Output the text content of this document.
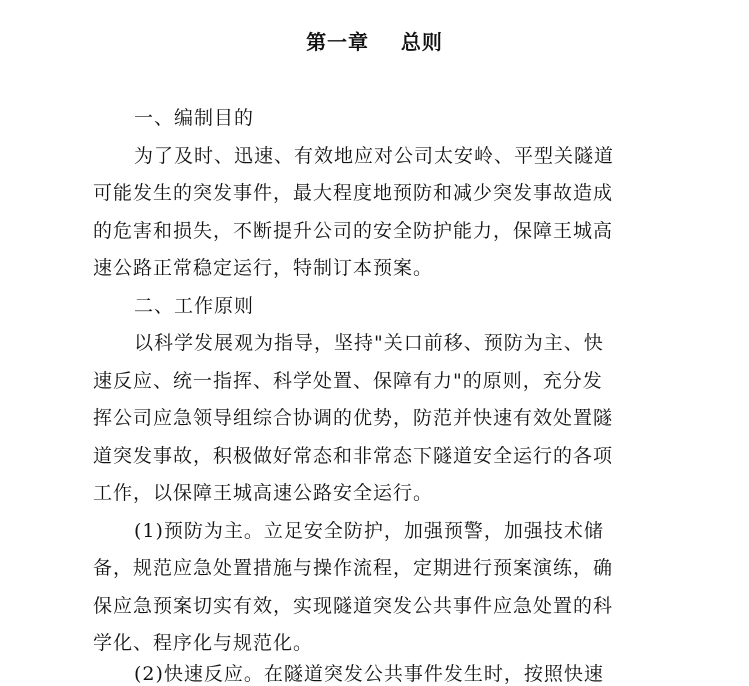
第一章    总则
一、编制目的
为了及时、迅速、有效地应对公司太安岭、平型关隧道
可能发生的突发事件，最大程度地预防和减少突发事故造成
的危害和损失，不断提升公司的安全防护能力，保障王城高
速公路正常稳定运行，特制订本预案。
二、工作原则
以科学发展观为指导，坚持"关口前移、预防为主、快
速反应、统一指挥、科学处置、保障有力"的原则，充分发
挥公司应急领导组综合协调的优势，防范并快速有效处置隧
道突发事故，积极做好常态和非常态下隧道安全运行的各项
工作，以保障王城高速公路安全运行。
(1)预防为主。立足安全防护，加强预警，加强技术储
备，规范应急处置措施与操作流程，定期进行预案演练，确
保应急预案切实有效，实现隧道突发公共事件应急处置的科
学化、程序化与规范化。
(2)快速反应。在隧道突发公共事件发生时，按照快速
